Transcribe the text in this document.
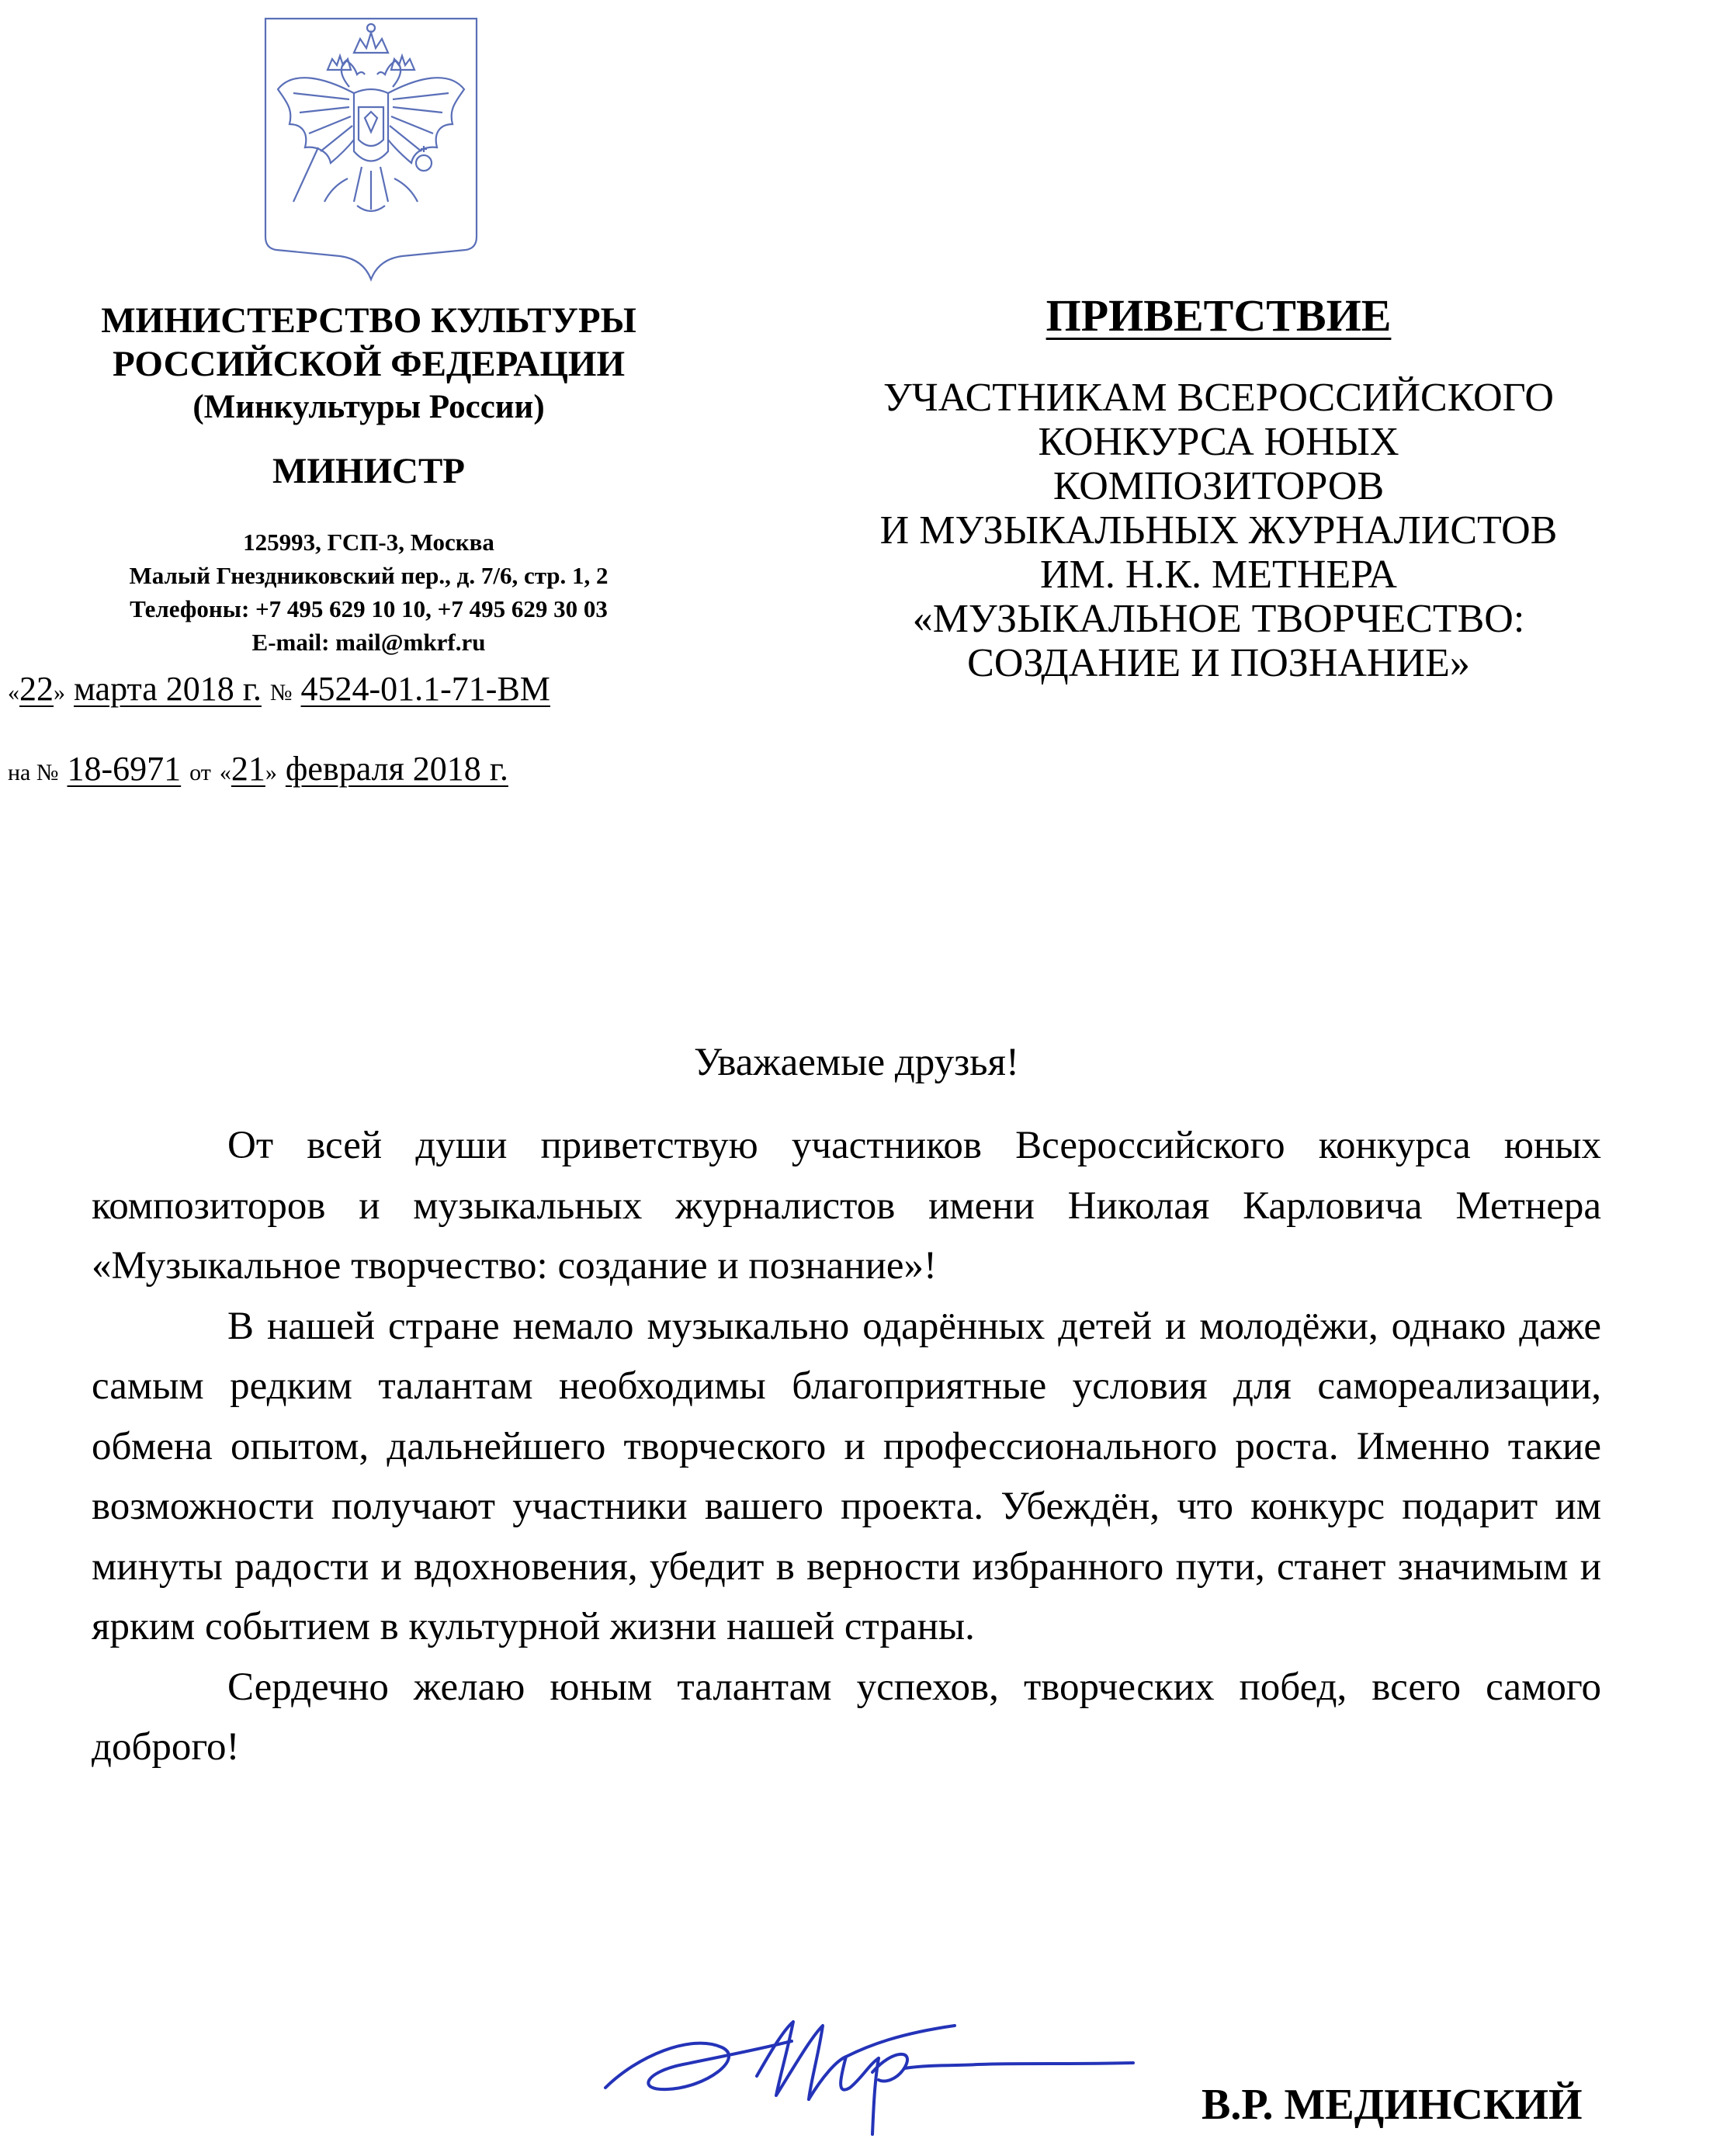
МИНИСТЕРСТВО КУЛЬТУРЫ
РОССИЙСКОЙ ФЕДЕРАЦИИ
(Минкультуры России)
МИНИСТР
125993, ГСП-3, Москва
Малый Гнездниковский пер., д. 7/6, стр. 1, 2
Телефоны: +7 495 629 10 10, +7 495 629 30 03
E-mail: mail@mkrf.ru
«22» марта 2018 г. № 4524-01.1-71-ВМ
на № 18-6971 от «21» февраля 2018 г.
ПРИВЕТСТВИЕ
УЧАСТНИКАМ ВСЕРОССИЙСКОГО
КОНКУРСА ЮНЫХ
КОМПОЗИТОРОВ
И МУЗЫКАЛЬНЫХ ЖУРНАЛИСТОВ
ИМ. Н.К. МЕТНЕРА
«МУЗЫКАЛЬНОЕ ТВОРЧЕСТВО:
СОЗДАНИЕ И ПОЗНАНИЕ»
Уважаемые друзья!

От всей души приветствую участников Всероссийского конкурса юных композиторов и музыкальных журналистов имени Николая Карловича Метнера «Музыкальное творчество: создание и познание»!

В нашей стране немало музыкально одарённых детей и молодёжи, однако даже самым редким талантам необходимы благоприятные условия для самореализации, обмена опытом, дальнейшего творческого и профессионального роста. Именно такие возможности получают участники вашего проекта. Убеждён, что конкурс подарит им минуты радости и вдохновения, убедит в верности избранного пути, станет значимым и ярким событием в культурной жизни нашей страны.

Сердечно желаю юным талантам успехов, творческих побед, всего самого доброго!

В.Р. МЕДИНСКИЙ
